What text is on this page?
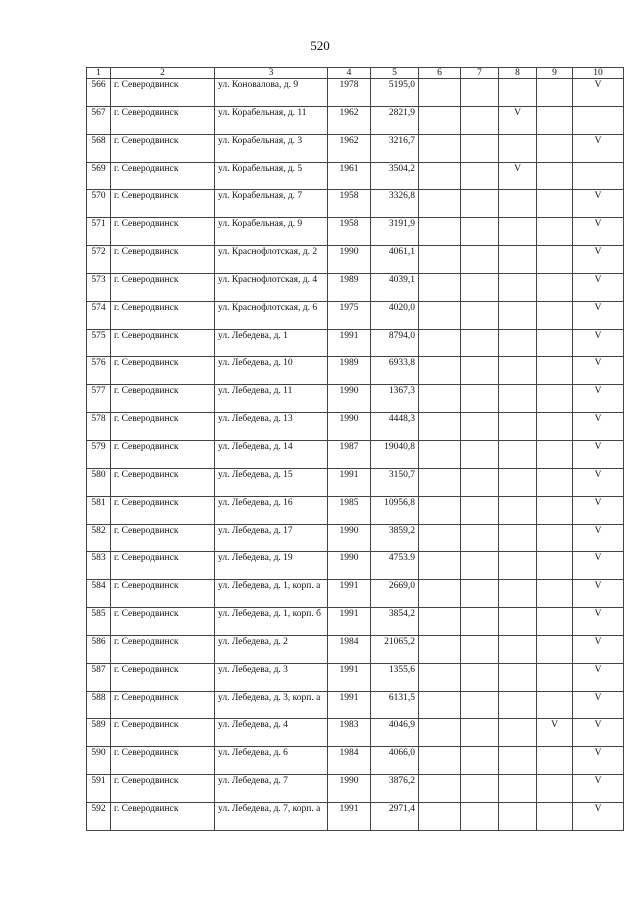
520
1	2	3	4	5	6	7	8	9	10
566	г. Северодвинск	ул. Коновалова, д. 9	1978	5195,0					V
567	г. Северодвинск	ул. Корабельная, д. 11	1962	2821,9			V		
568	г. Северодвинск	ул. Корабельная, д. 3	1962	3216,7					V
569	г. Северодвинск	ул. Корабельная, д. 5	1961	3504,2			V		
570	г. Северодвинск	ул. Корабельная, д. 7	1958	3326,8					V
571	г. Северодвинск	ул. Корабельная, д. 9	1958	3191,9					V
572	г. Северодвинск	ул. Краснофлотская, д. 2	1990	4061,1					V
573	г. Северодвинск	ул. Краснофлотская, д. 4	1989	4039,1					V
574	г. Северодвинск	ул. Краснофлотская, д. 6	1975	4020,0					V
575	г. Северодвинск	ул. Лебедева, д. 1	1991	8794,0					V
576	г. Северодвинск	ул. Лебедева, д. 10	1989	6933,8					V
577	г. Северодвинск	ул. Лебедева, д. 11	1990	1367,3					V
578	г. Северодвинск	ул. Лебедева, д. 13	1990	4448,3					V
579	г. Северодвинск	ул. Лебедева, д. 14	1987	19040,8					V
580	г. Северодвинск	ул. Лебедева, д. 15	1991	3150,7					V
581	г. Северодвинск	ул. Лебедева, д. 16	1985	10956,8					V
582	г. Северодвинск	ул. Лебедева, д. 17	1990	3859,2					V
583	г. Северодвинск	ул. Лебедева, д. 19	1990	4753.9					V
584	г. Северодвинск	ул. Лебедева, д. 1, корп. а	1991	2669,0					V
585	г. Северодвинск	ул. Лебедева, д. 1, корп. б	1991	3854,2					V
586	г. Северодвинск	ул. Лебедева, д. 2	1984	21065,2					V
587	г. Северодвинск	ул. Лебедева, д. 3	1991	1355,6					V
588	г. Северодвинск	ул. Лебедева, д. 3, корп. а	1991	6131,5					V
589	г. Северодвинск	ул. Лебедева, д. 4	1983	4046,9				V	V
590	г. Северодвинск	ул. Лебедева, д. 6	1984	4066,0					V
591	г. Северодвинск	ул. Лебедева, д. 7	1990	3876,2					V
592	г. Северодвинск	ул. Лебедева, д. 7, корп. а	1991	2971,4					V
